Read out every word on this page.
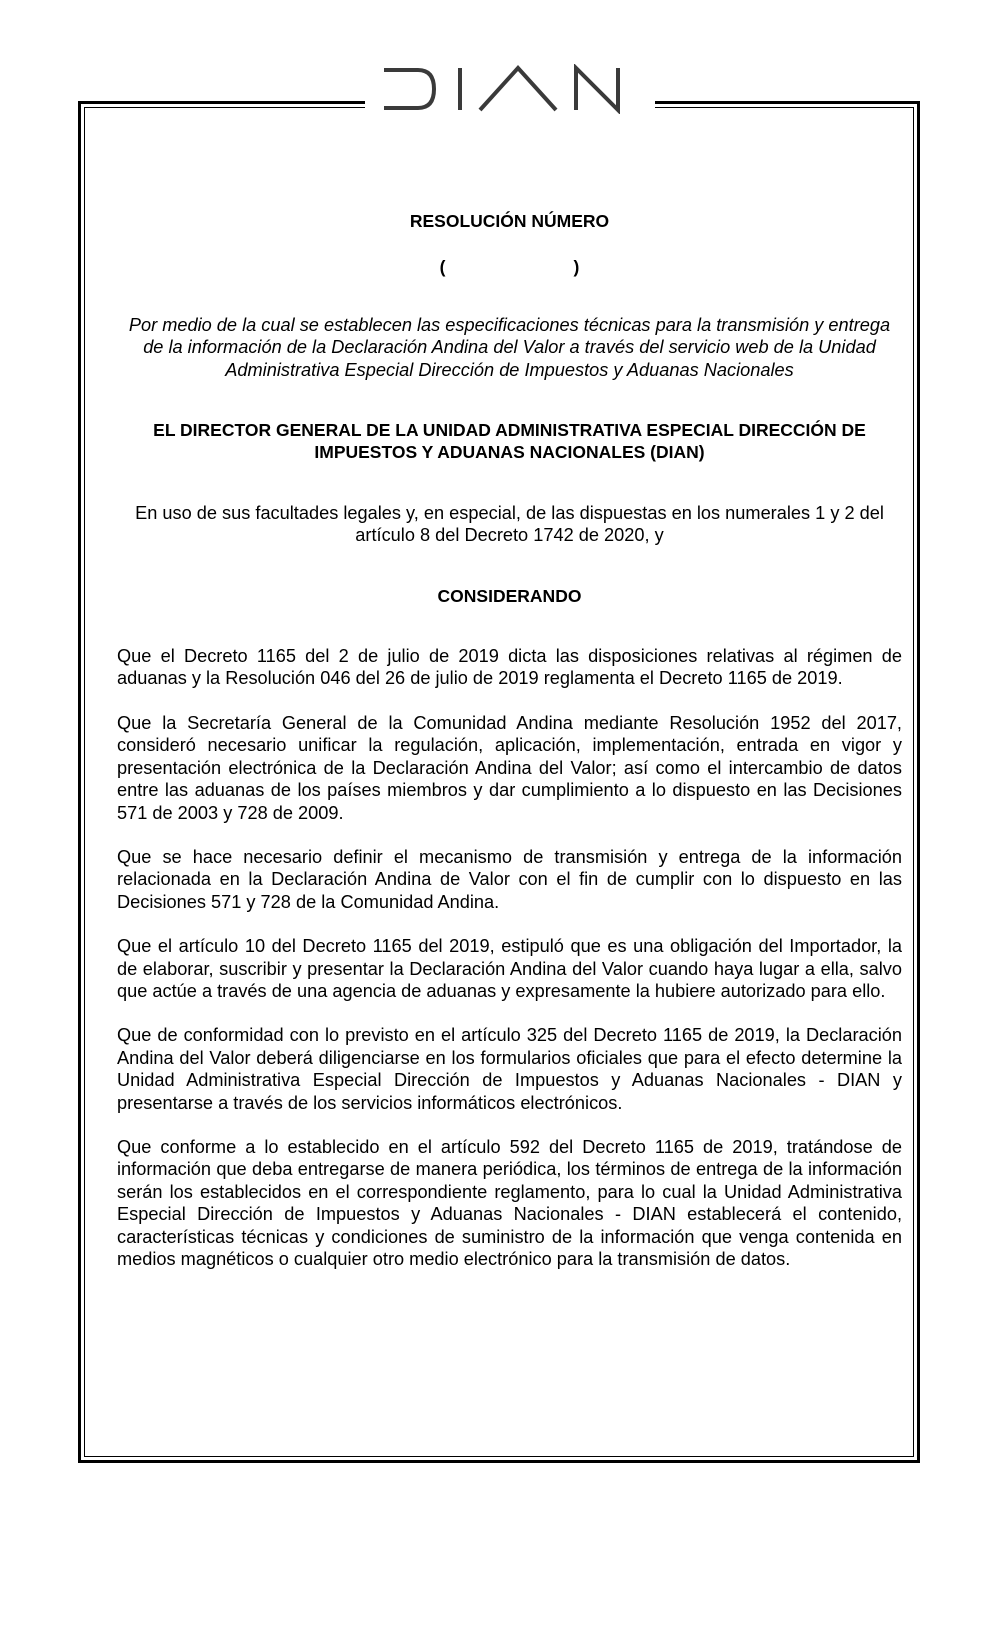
RESOLUCIÓN NÚMERO
(	)
Por medio de la cual se establecen las especificaciones técnicas para la transmisión y entrega de la información de la Declaración Andina del Valor a través del servicio web de la Unidad Administrativa Especial Dirección de Impuestos y Aduanas Nacionales
EL DIRECTOR GENERAL DE LA UNIDAD ADMINISTRATIVA ESPECIAL DIRECCIÓN DE IMPUESTOS Y ADUANAS NACIONALES (DIAN)
En uso de sus facultades legales y, en especial, de las dispuestas en los numerales 1 y 2 del artículo 8 del Decreto 1742 de 2020, y
CONSIDERANDO

Que el Decreto 1165 del 2 de julio de 2019 dicta las disposiciones relativas al régimen de aduanas y la Resolución 046 del 26 de julio de 2019 reglamenta el Decreto 1165 de 2019.

Que la Secretaría General de la Comunidad Andina mediante Resolución 1952 del 2017, consideró necesario unificar la regulación, aplicación, implementación, entrada en vigor y presentación electrónica de la Declaración Andina del Valor; así como el intercambio de datos entre las aduanas de los países miembros y dar cumplimiento a lo dispuesto en las Decisiones 571 de 2003 y 728 de 2009.

Que se hace necesario definir el mecanismo de transmisión y entrega de la información relacionada en la Declaración Andina de Valor con el fin de cumplir con lo dispuesto en las Decisiones 571 y 728 de la Comunidad Andina.

Que el artículo 10 del Decreto 1165 del 2019, estipuló que es una obligación del Importador, la de elaborar, suscribir y presentar la Declaración Andina del Valor cuando haya lugar a ella, salvo que actúe a través de una agencia de aduanas y expresamente la hubiere autorizado para ello.

Que de conformidad con lo previsto en el artículo 325 del Decreto 1165 de 2019, la Declaración Andina del Valor deberá diligenciarse en los formularios oficiales que para el efecto determine la Unidad Administrativa Especial Dirección de Impuestos y Aduanas Nacionales - DIAN y presentarse a través de los servicios informáticos electrónicos.

Que conforme a lo establecido en el artículo 592 del Decreto 1165 de 2019, tratándose de información que deba entregarse de manera periódica, los términos de entrega de la información serán los establecidos en el correspondiente reglamento, para lo cual la Unidad Administrativa Especial Dirección de Impuestos y Aduanas Nacionales - DIAN establecerá el contenido, características técnicas y condiciones de suministro de la información que venga contenida en medios magnéticos o cualquier otro medio electrónico para la transmisión de datos.
